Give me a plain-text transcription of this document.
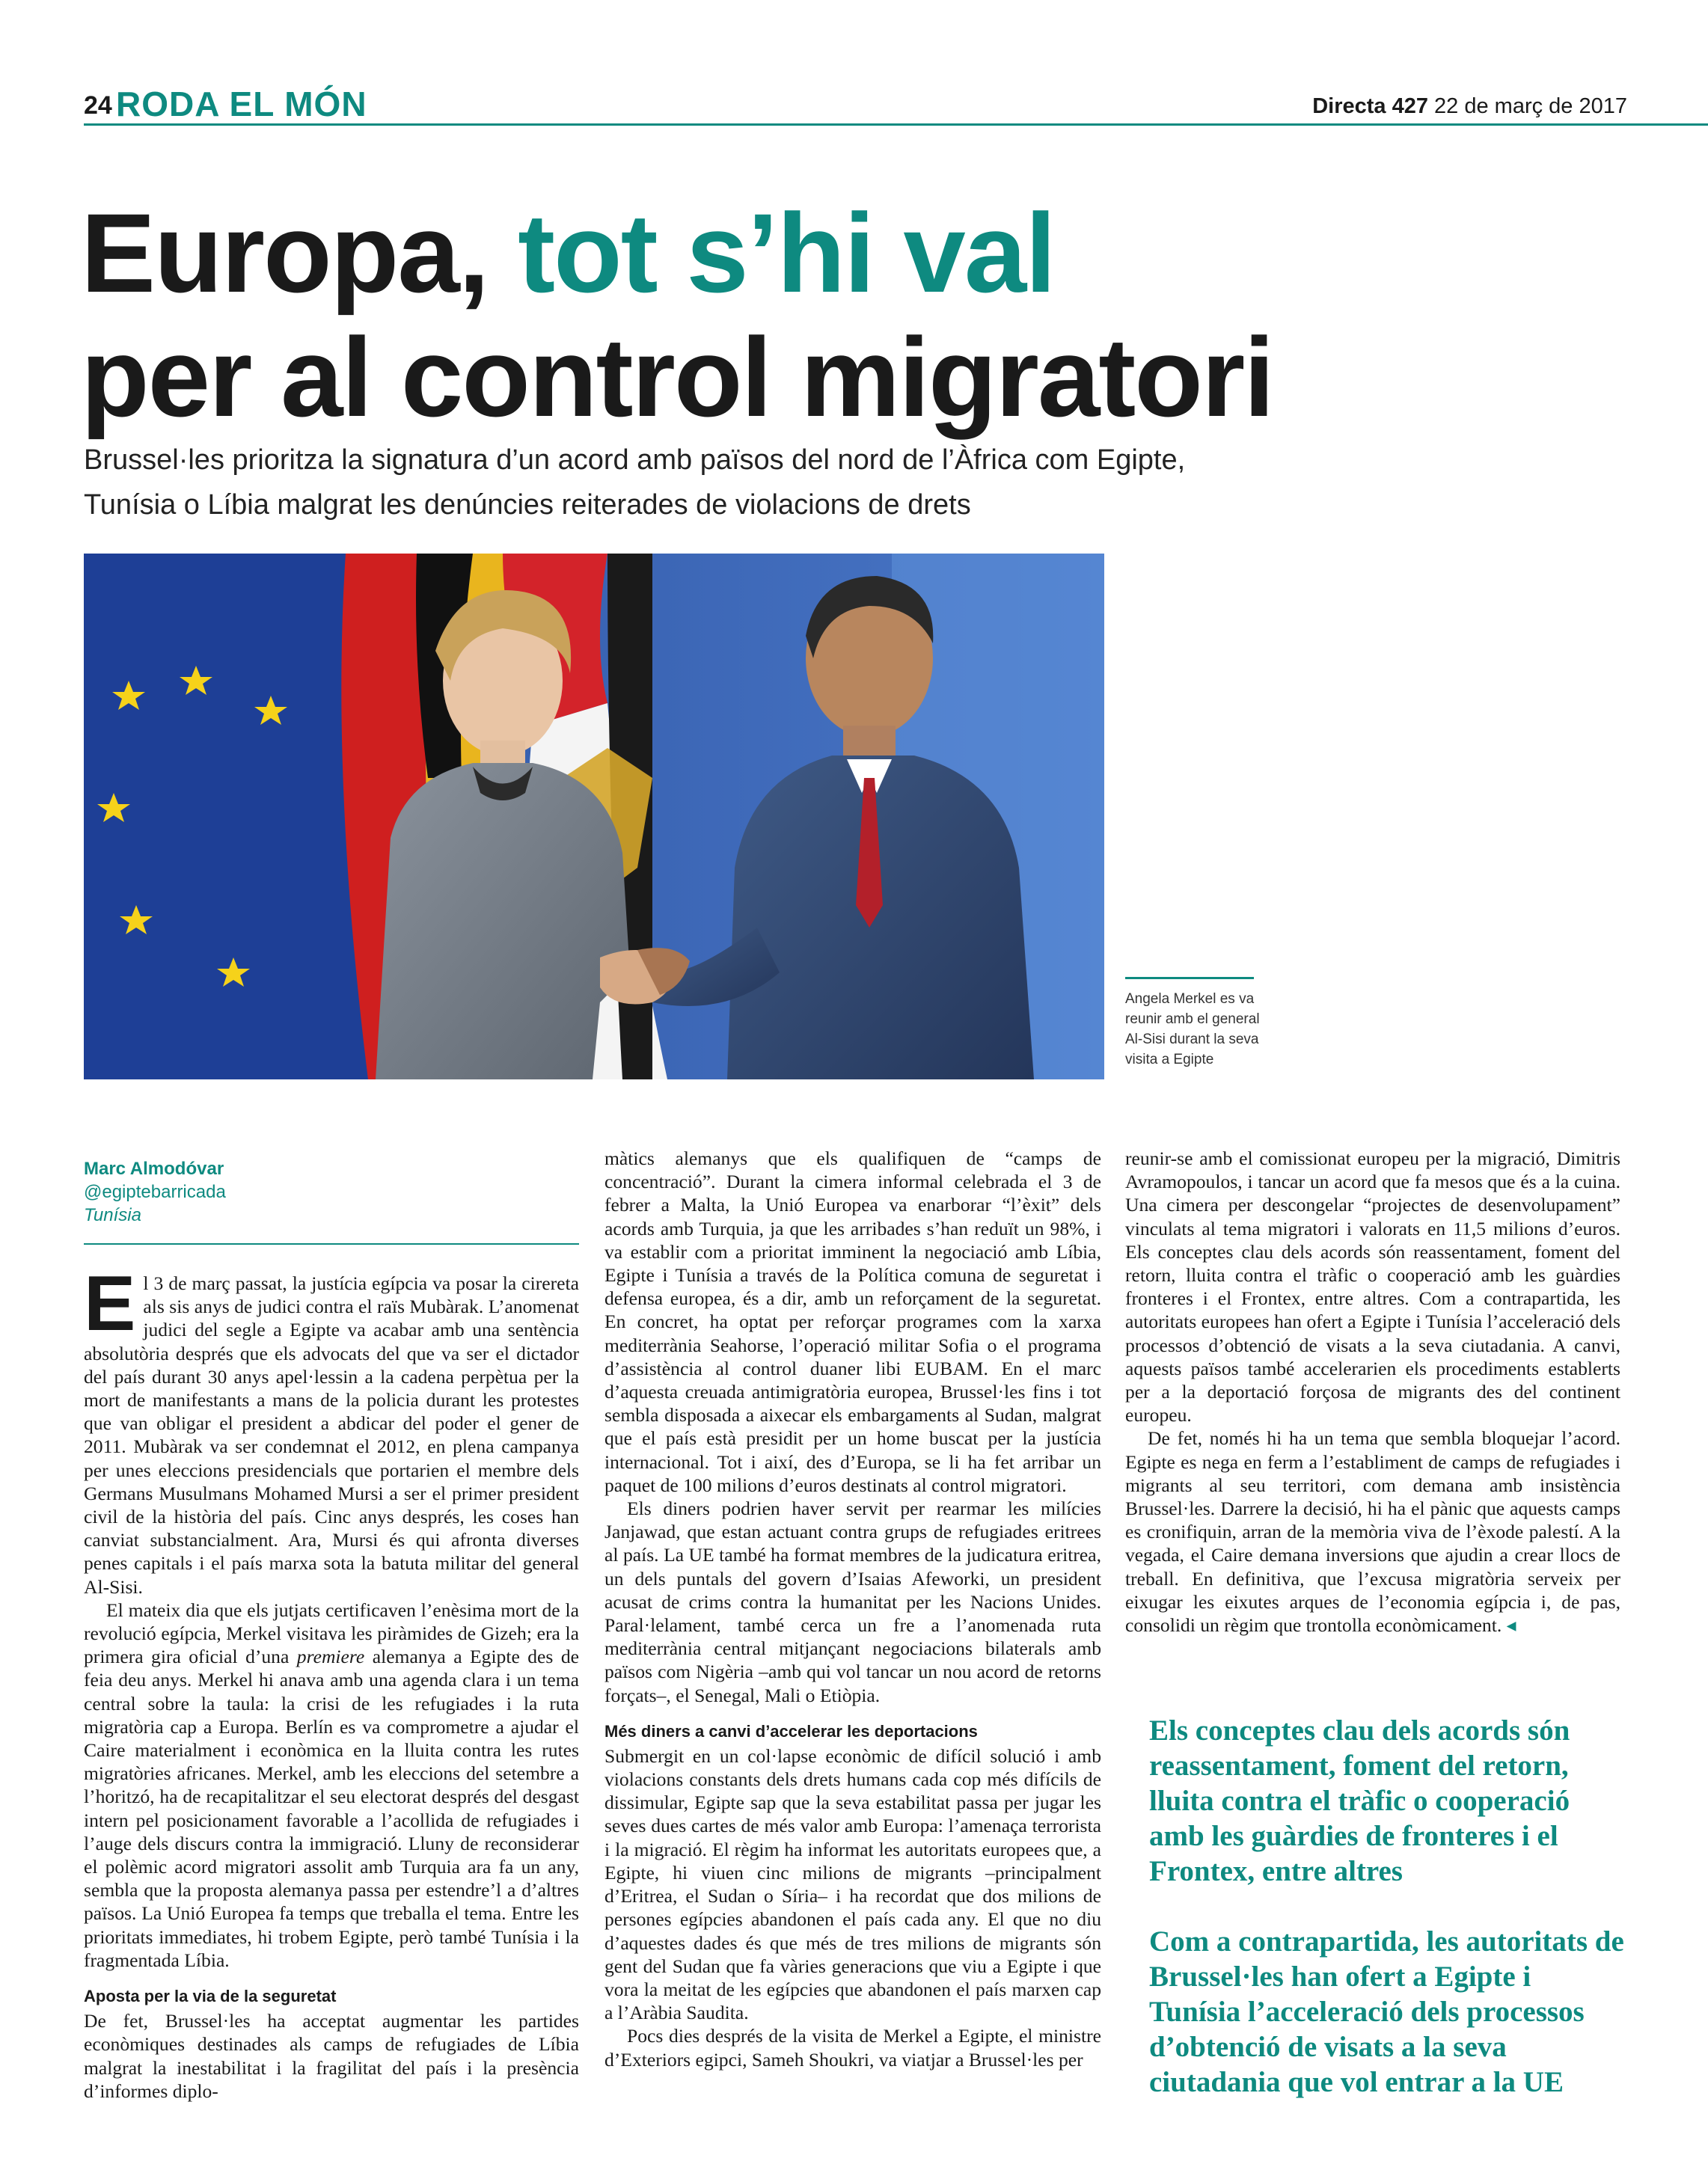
24 RODA EL MÓN	Directa 427 22 de març de 2017
Europa, tot s’hi val
per al control migratori
Brussel·les prioritza la signatura d’un acord amb països del nord de l’Àfrica com Egipte,
Tunísia o Líbia malgrat les denúncies reiterades de violacions de drets
Angela Merkel es va reunir amb el general Al-Sisi durant la seva visita a Egipte
Marc Almodóvar
@egiptebarricada
Tunísia

El 3 de març passat, la justícia egípcia va posar la cirereta als sis anys de judici contra el raïs Mubàrak. L’anomenat judici del segle a Egipte va acabar amb una sentència absolutòria després que els advocats del que va ser el dictador del país durant 30 anys apel·lessin a la cadena perpètua per la mort de manifestants a mans de la policia durant les protestes que van obligar el president a abdicar del poder el gener de 2011. Mubàrak va ser condemnat el 2012, en plena campanya per unes eleccions presidencials que portarien el membre dels Germans Musulmans Mohamed Mursi a ser el primer president civil de la història del país. Cinc anys després, les coses han canviat substancialment. Ara, Mursi és qui afronta diverses penes capitals i el país marxa sota la batuta militar del general Al-Sisi.

El mateix dia que els jutjats certificaven l’enèsima mort de la revolució egípcia, Merkel visitava les piràmides de Gizeh; era la primera gira oficial d’una premiere alemanya a Egipte des de feia deu anys. Merkel hi anava amb una agenda clara i un tema central sobre la taula: la crisi de les refugiades i la ruta migratòria cap a Europa. Berlín es va comprometre a ajudar el Caire materialment i econòmica en la lluita contra les rutes migratòries africanes. Merkel, amb les eleccions del setembre a l’horitzó, ha de recapitalitzar el seu electorat després del desgast intern pel posicionament favorable a l’acollida de refugiades i l’auge dels discurs contra la immigració. Lluny de reconsiderar el polèmic acord migratori assolit amb Turquia ara fa un any, sembla que la proposta alemanya passa per estendre’l a d’altres països. La Unió Europea fa temps que treballa el tema. Entre les prioritats immediates, hi trobem Egipte, però també Tunísia i la fragmentada Líbia.

Aposta per la via de la seguretat

De fet, Brussel·les ha acceptat augmentar les partides econòmiques destinades als camps de refugiades de Líbia malgrat la inestabilitat i la fragilitat del país i la presència d’informes diplo-

màtics alemanys que els qualifiquen de “camps de concentració”. Durant la cimera informal celebrada el 3 de febrer a Malta, la Unió Europea va enarborar “l’èxit” dels acords amb Turquia, ja que les arribades s’han reduït un 98%, i va establir com a prioritat imminent la negociació amb Líbia, Egipte i Tunísia a través de la Política comuna de seguretat i defensa europea, és a dir, amb un reforçament de la seguretat. En concret, ha optat per reforçar programes com la xarxa mediterrània Seahorse, l’operació militar Sofia o el programa d’assistència al control duaner libi EUBAM. En el marc d’aquesta creuada antimigratòria europea, Brussel·les fins i tot sembla disposada a aixecar els embargaments al Sudan, malgrat que el país està presidit per un home buscat per la justícia internacional. Tot i així, des d’Europa, se li ha fet arribar un paquet de 100 milions d’euros destinats al control migratori.

Els diners podrien haver servit per rearmar les milícies Janjawad, que estan actuant contra grups de refugiades eritrees al país. La UE també ha format membres de la judicatura eritrea, un dels puntals del govern d’Isaias Afeworki, un president acusat de crims contra la humanitat per les Nacions Unides. Paral·lelament, també cerca un fre a l’anomenada ruta mediterrània central mitjançant negociacions bilaterals amb països com Nigèria –amb qui vol tancar un nou acord de retorns forçats–, el Senegal, Mali o Etiòpia.

Més diners a canvi d’accelerar les deportacions

Submergit en un col·lapse econòmic de difícil solució i amb violacions constants dels drets humans cada cop més difícils de dissimular, Egipte sap que la seva estabilitat passa per jugar les seves dues cartes de més valor amb Europa: l’amenaça terrorista i la migració. El règim ha informat les autoritats europees que, a Egipte, hi viuen cinc milions de migrants –principalment d’Eritrea, el Sudan o Síria– i ha recordat que dos milions de persones egípcies abandonen el país cada any. El que no diu d’aquestes dades és que més de tres milions de migrants són gent del Sudan que fa vàries generacions que viu a Egipte i que vora la meitat de les egípcies que abandonen el país marxen cap a l’Aràbia Saudita.

Pocs dies després de la visita de Merkel a Egipte, el ministre d’Exteriors egipci, Sameh Shoukri, va viatjar a Brussel·les per

reunir-se amb el comissionat europeu per la migració, Dimitris Avramopoulos, i tancar un acord que fa mesos que és a la cuina. Una cimera per descongelar “projectes de desenvolupament” vinculats al tema migratori i valorats en 11,5 milions d’euros. Els conceptes clau dels acords són reassentament, foment del retorn, lluita contra el tràfic o cooperació amb les guàrdies fronteres i el Frontex, entre altres. Com a contrapartida, les autoritats europees han ofert a Egipte i Tunísia l’acceleració dels processos d’obtenció de visats a la seva ciutadania. A canvi, aquests països també accelerarien els procediments establerts per a la deportació forçosa de migrants des del continent europeu.

De fet, només hi ha un tema que sembla bloquejar l’acord. Egipte es nega en ferm a l’establiment de camps de refugiades i migrants al seu territori, com demana amb insistència Brussel·les. Darrere la decisió, hi ha el pànic que aquests camps es cronifiquin, arran de la memòria viva de l’èxode palestí. A la vegada, el Caire demana inversions que ajudin a crear llocs de treball. En definitiva, que l’excusa migratòria serveix per eixugar les eixutes arques de l’economia egípcia i, de pas, consolidi un règim que trontolla econòmicament. ◂

Els conceptes clau dels acords són reassentament, foment del retorn, lluita contra el tràfic o cooperació amb les guàrdies de fronteres i el Frontex, entre altres
Com a contrapartida, les autoritats de Brussel·les han ofert a Egipte i Tunísia l’acceleració dels processos d’obtenció de visats a la seva ciutadania que vol entrar a la UE
